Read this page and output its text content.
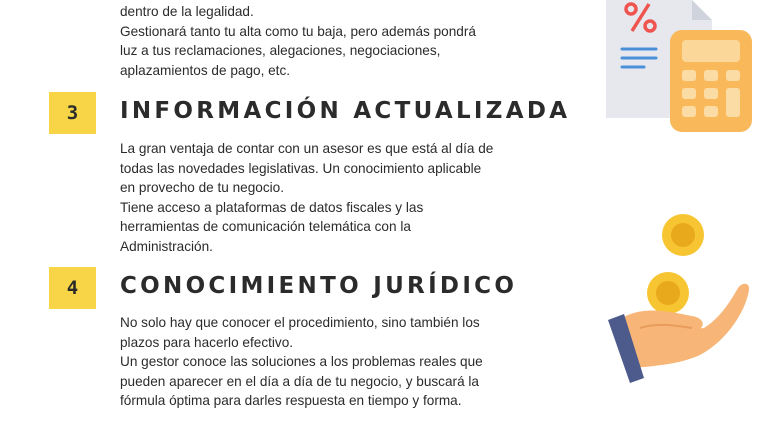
dentro de la legalidad.
Gestionará tanto tu alta como tu baja, pero además pondrá
luz a tus reclamaciones, alegaciones, negociaciones,
aplazamientos de pago, etc.

3	INFORMACIÓN ACTUALIZADA

La gran ventaja de contar con un asesor es que está al día de
todas las novedades legislativas. Un conocimiento aplicable
en provecho de tu negocio.
Tiene acceso a plataformas de datos fiscales y las
herramientas de comunicación telemática con la
Administración.

4	CONOCIMIENTO JURÍDICO

No solo hay que conocer el procedimiento, sino también los
plazos para hacerlo efectivo.
Un gestor conoce las soluciones a los problemas reales que
pueden aparecer en el día a día de tu negocio, y buscará la
fórmula óptima para darles respuesta en tiempo y forma.
